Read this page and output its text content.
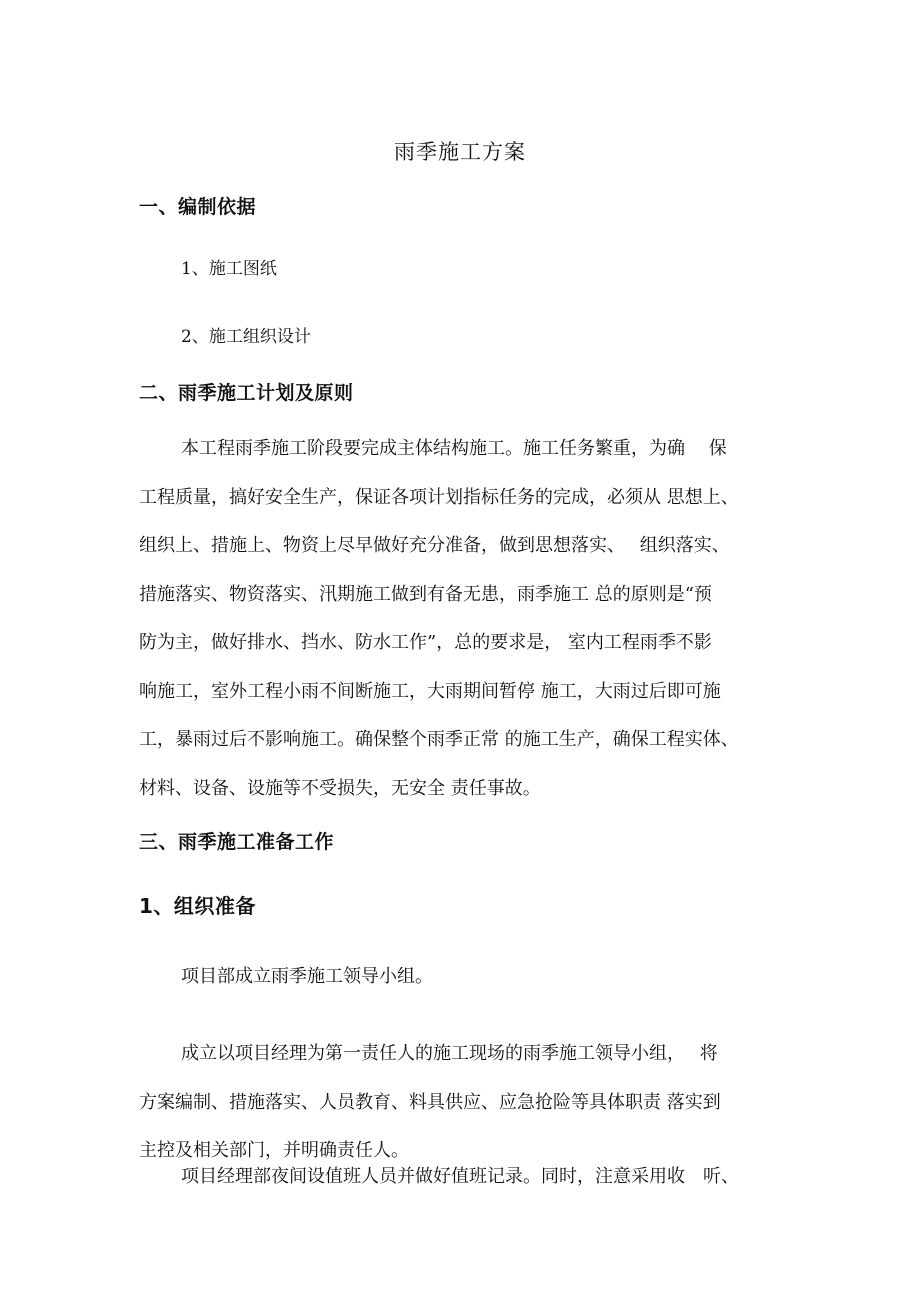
雨季施工方案
一、编制依据
1、施工图纸
2、施工组织设计
二、雨季施工计划及原则
本工程雨季施工阶段要完成主体结构施工。施工任务繁重，为确　 保
工程质量，搞好安全生产，保证各项计划指标任务的完成，必须从 思想上、
组织上、措施上、物资上尽早做好充分准备，做到思想落实、　 组织落实、
措施落实、物资落实、汛期施工做到有备无患，雨季施工 总的原则是“预
防为主，做好排水、挡水、防水工作”，总的要求是， 室内工程雨季不影
响施工，室外工程小雨不间断施工，大雨期间暂停 施工，大雨过后即可施
工，暴雨过后不影响施工。确保整个雨季正常 的施工生产，确保工程实体、
材料、设备、设施等不受损失，无安全 责任事故。
三、雨季施工准备工作
1、组织准备
项目部成立雨季施工领导小组。
成立以项目经理为第一责任人的施工现场的雨季施工领导小组，　 将
方案编制、措施落实、人员教育、料具供应、应急抢险等具体职责 落实到
主控及相关部门，并明确责任人。
项目经理部夜间设值班人员并做好值班记录。同时，注意采用收　听、
